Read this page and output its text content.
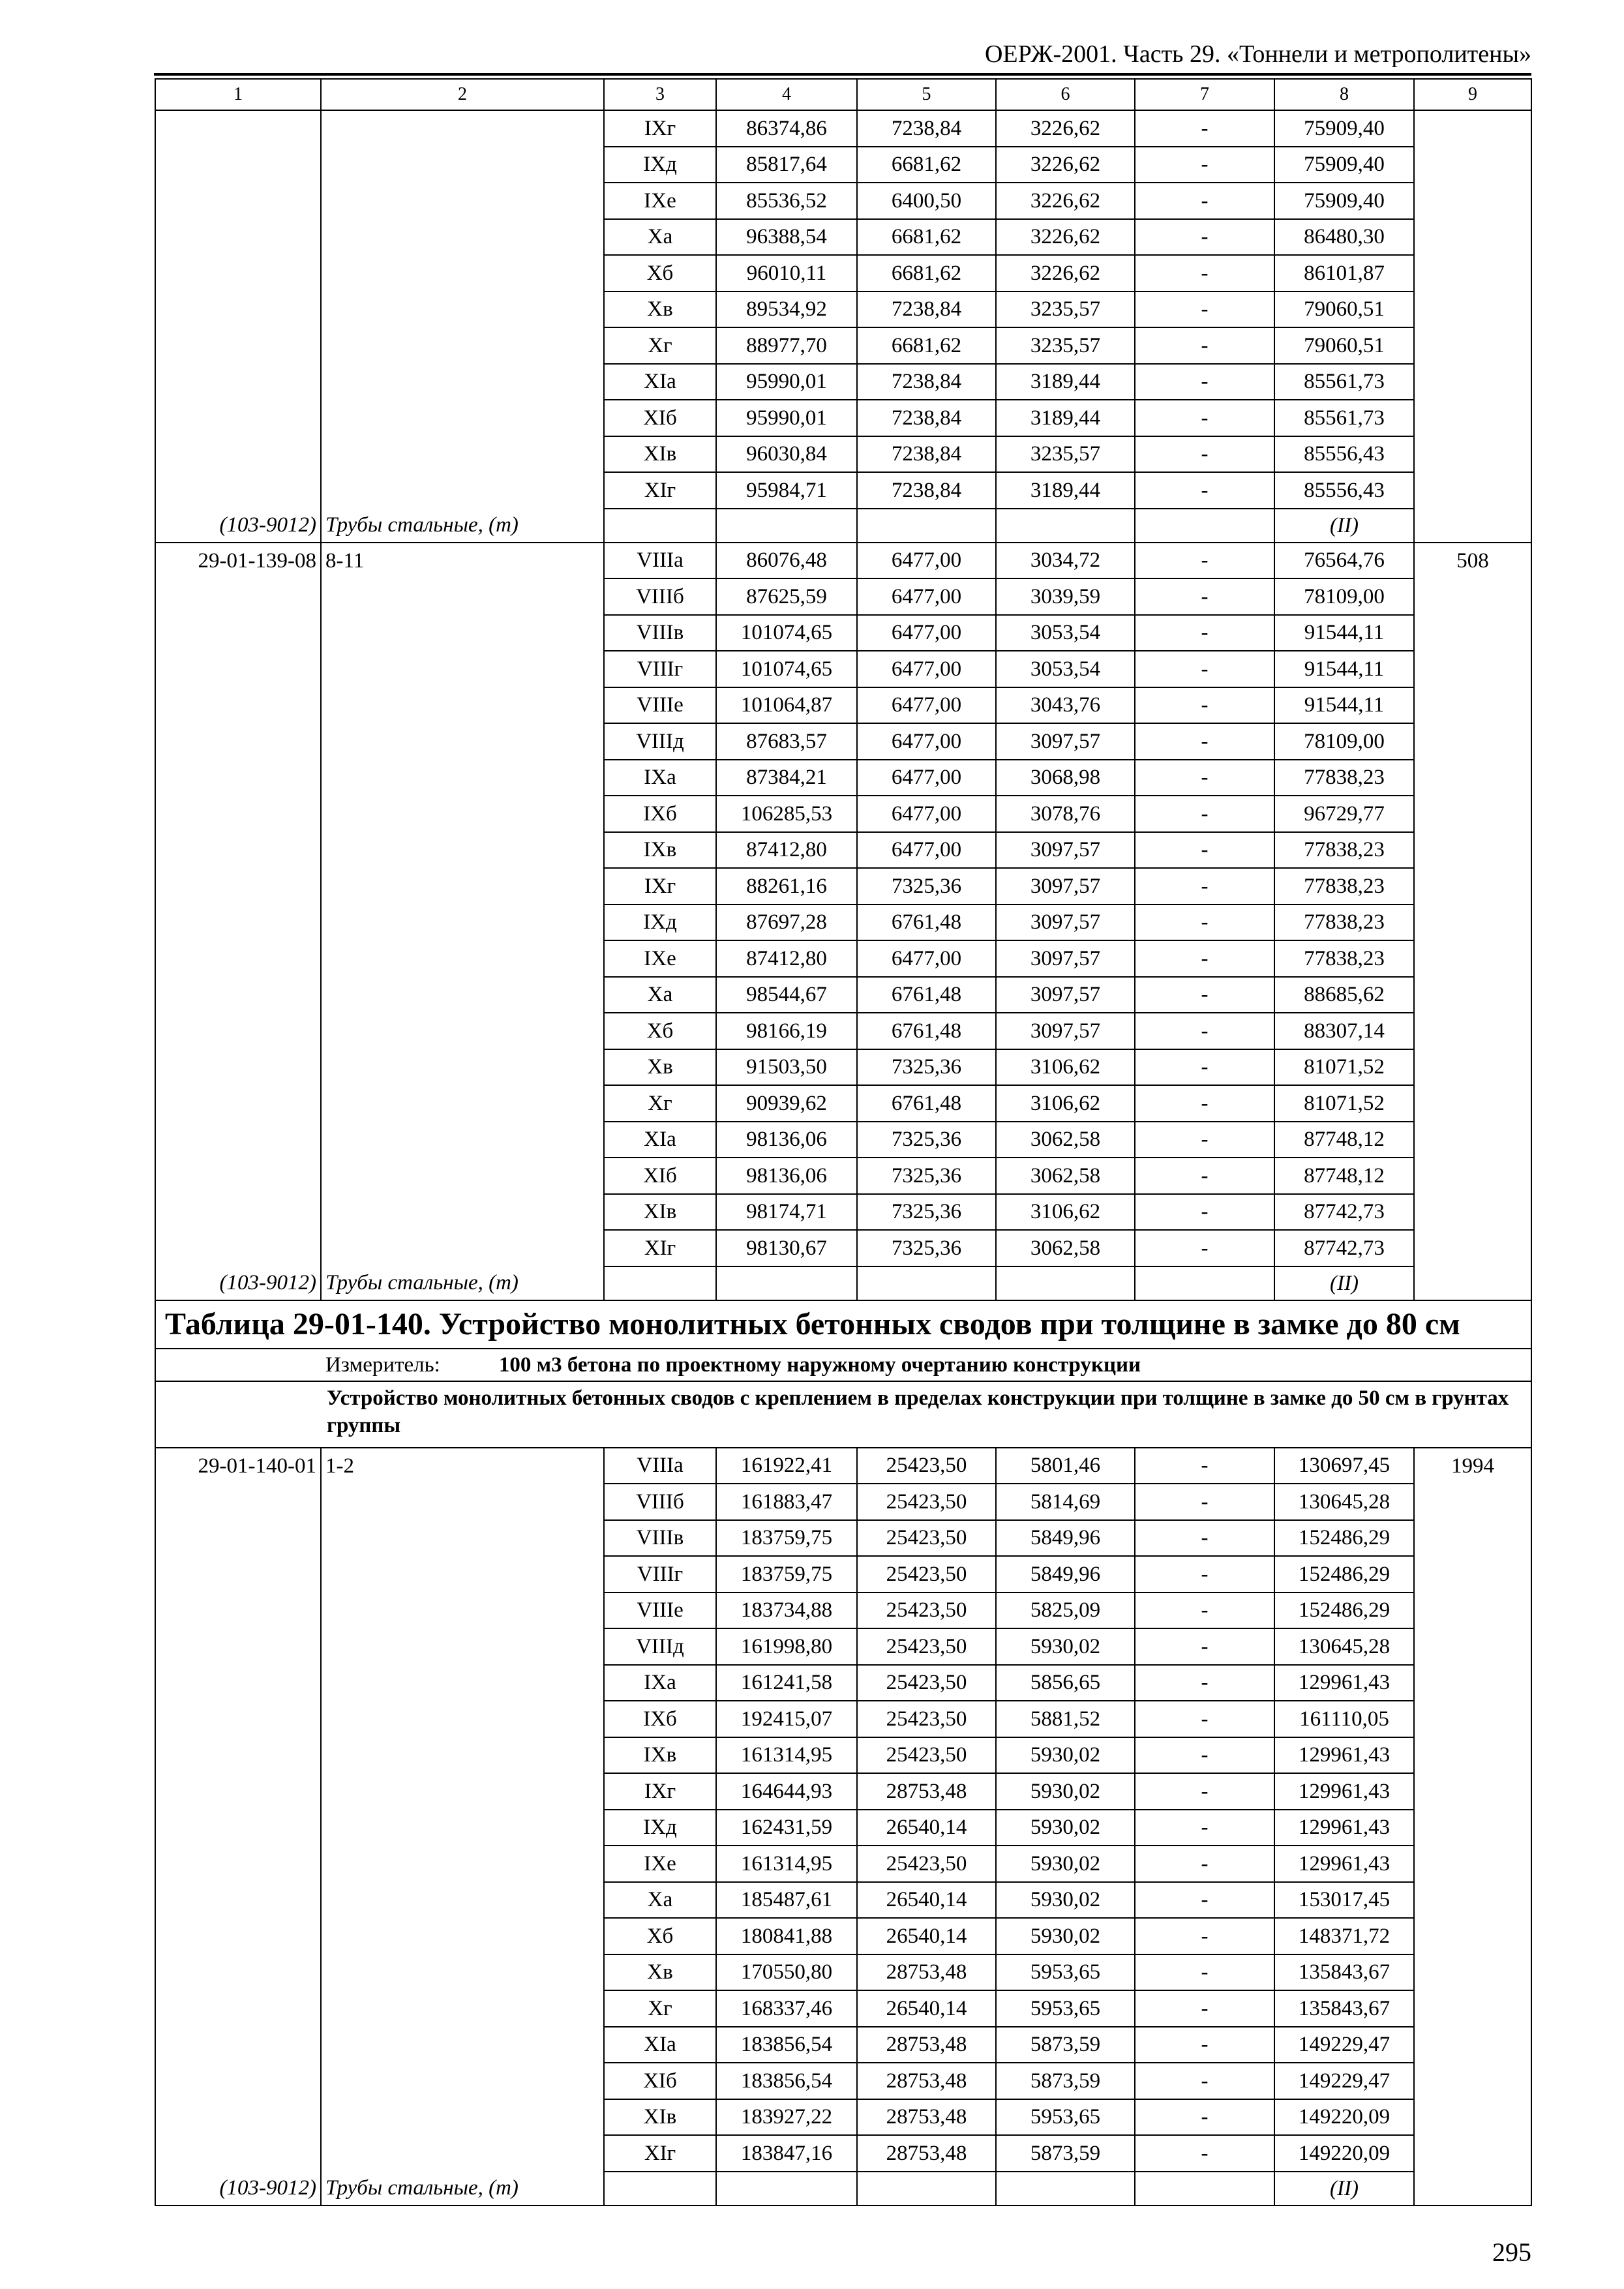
ОЕРЖ-2001. Часть 29. «Тоннели и метрополитены»
1	2	3	4	5	6	7	8	9
		IXг	86374,86	7238,84	3226,62	-	75909,40	
		IXд	85817,64	6681,62	3226,62	-	75909,40	
		IXе	85536,52	6400,50	3226,62	-	75909,40	
		Xа	96388,54	6681,62	3226,62	-	86480,30	
		Xб	96010,11	6681,62	3226,62	-	86101,87	
		Xв	89534,92	7238,84	3235,57	-	79060,51	
		Xг	88977,70	6681,62	3235,57	-	79060,51	
		XIа	95990,01	7238,84	3189,44	-	85561,73	
		XIб	95990,01	7238,84	3189,44	-	85561,73	
		XIв	96030,84	7238,84	3235,57	-	85556,43	
		XIг	95984,71	7238,84	3189,44	-	85556,43	
(103-9012)	Трубы стальные, (т)						(II)	
29-01-139-08	8-11	VIIIа	86076,48	6477,00	3034,72	-	76564,76	508
		VIIIб	87625,59	6477,00	3039,59	-	78109,00	
		VIIIв	101074,65	6477,00	3053,54	-	91544,11	
		VIIIг	101074,65	6477,00	3053,54	-	91544,11	
		VIIIе	101064,87	6477,00	3043,76	-	91544,11	
		VIIIд	87683,57	6477,00	3097,57	-	78109,00	
		IXа	87384,21	6477,00	3068,98	-	77838,23	
		IXб	106285,53	6477,00	3078,76	-	96729,77	
		IXв	87412,80	6477,00	3097,57	-	77838,23	
		IXг	88261,16	7325,36	3097,57	-	77838,23	
		IXд	87697,28	6761,48	3097,57	-	77838,23	
		IXе	87412,80	6477,00	3097,57	-	77838,23	
		Xа	98544,67	6761,48	3097,57	-	88685,62	
		Xб	98166,19	6761,48	3097,57	-	88307,14	
		Xв	91503,50	7325,36	3106,62	-	81071,52	
		Xг	90939,62	6761,48	3106,62	-	81071,52	
		XIа	98136,06	7325,36	3062,58	-	87748,12	
		XIб	98136,06	7325,36	3062,58	-	87748,12	
		XIв	98174,71	7325,36	3106,62	-	87742,73	
		XIг	98130,67	7325,36	3062,58	-	87742,73	
(103-9012)	Трубы стальные, (т)						(II)	
Таблица 29-01-140. Устройство монолитных бетонных сводов при толщине в замке до 80 см								
Измеритель: 100 м3 бетона по проектному наружному очертанию конструкции								
Устройство монолитных бетонных сводов с креплением в пределах конструкции при толщине в замке до 50 см в грунтах группы								
29-01-140-01	1-2	VIIIа	161922,41	25423,50	5801,46	-	130697,45	1994
		VIIIб	161883,47	25423,50	5814,69	-	130645,28	
		VIIIв	183759,75	25423,50	5849,96	-	152486,29	
		VIIIг	183759,75	25423,50	5849,96	-	152486,29	
		VIIIе	183734,88	25423,50	5825,09	-	152486,29	
		VIIIд	161998,80	25423,50	5930,02	-	130645,28	
		IXа	161241,58	25423,50	5856,65	-	129961,43	
		IXб	192415,07	25423,50	5881,52	-	161110,05	
		IXв	161314,95	25423,50	5930,02	-	129961,43	
		IXг	164644,93	28753,48	5930,02	-	129961,43	
		IXд	162431,59	26540,14	5930,02	-	129961,43	
		IXе	161314,95	25423,50	5930,02	-	129961,43	
		Xа	185487,61	26540,14	5930,02	-	153017,45	
		Xб	180841,88	26540,14	5930,02	-	148371,72	
		Xв	170550,80	28753,48	5953,65	-	135843,67	
		Xг	168337,46	26540,14	5953,65	-	135843,67	
		XIа	183856,54	28753,48	5873,59	-	149229,47	
		XIб	183856,54	28753,48	5873,59	-	149229,47	
		XIв	183927,22	28753,48	5953,65	-	149220,09	
		XIг	183847,16	28753,48	5873,59	-	149220,09	
(103-9012)	Трубы стальные, (т)						(II)	
295
